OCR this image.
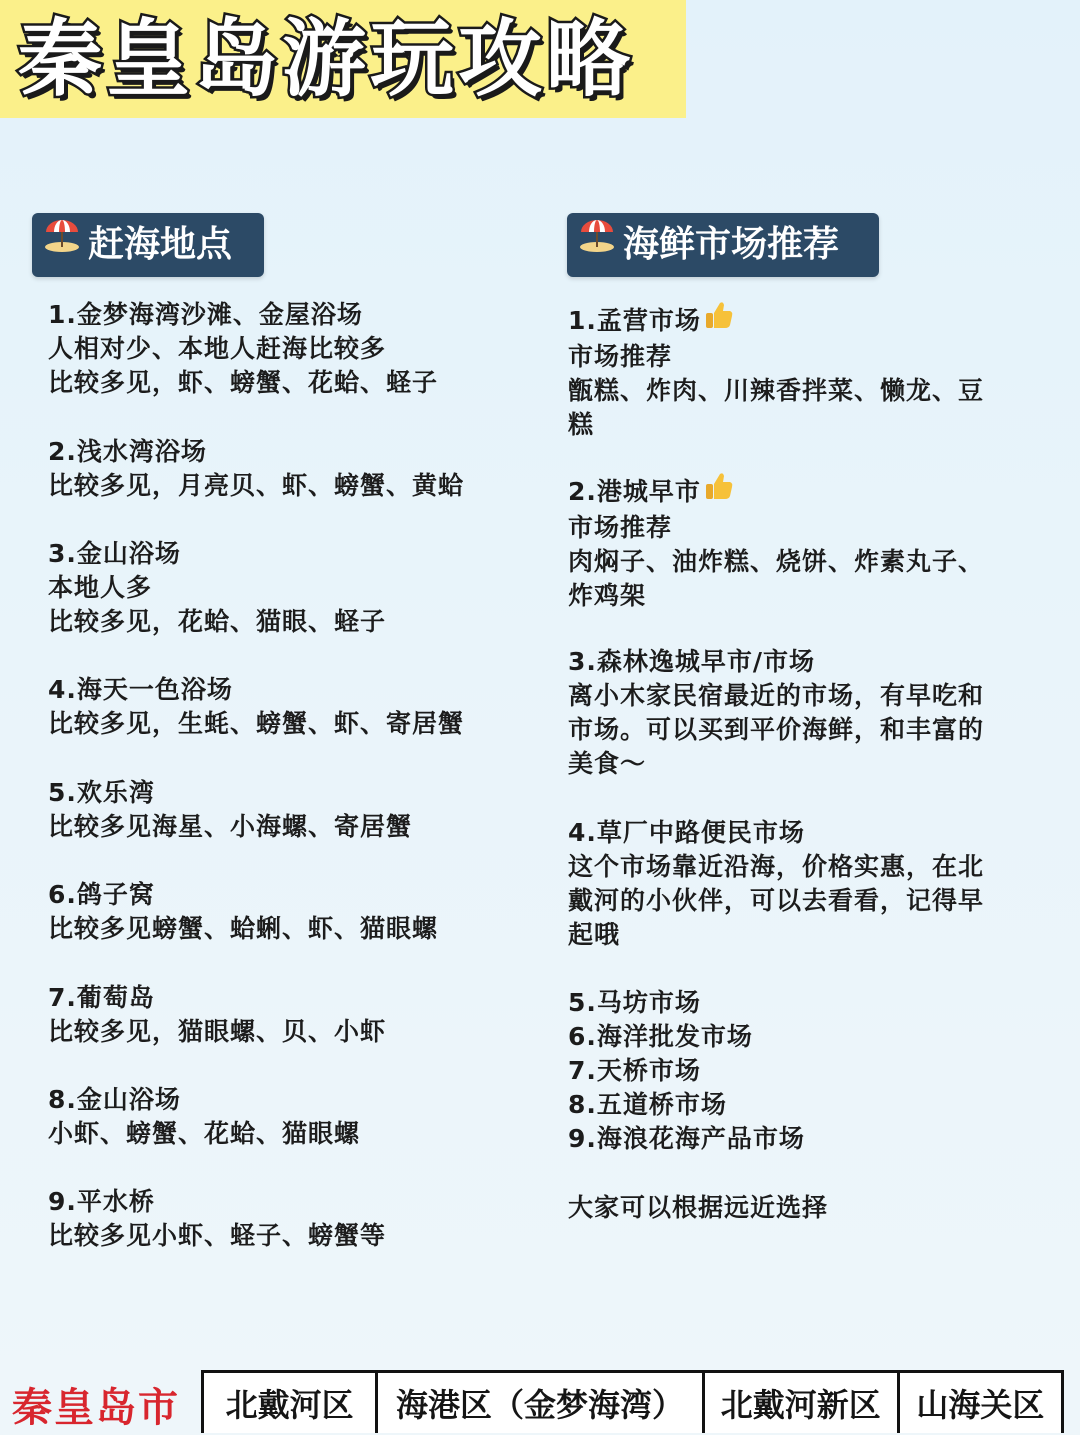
秦皇岛游玩攻略
赶海地点	海鲜市场推荐
1.金梦海湾沙滩、金屋浴场
人相对少、本地人赶海比较多
比较多见，虾、螃蟹、花蛤、蛏子
2.浅水湾浴场
比较多见，月亮贝、虾、螃蟹、黄蛤
3.金山浴场
本地人多
比较多见，花蛤、猫眼、蛏子
4.海天一色浴场
比较多见，生蚝、螃蟹、虾、寄居蟹
5.欢乐湾
比较多见海星、小海螺、寄居蟹
6.鸽子窝
比较多见螃蟹、蛤蜊、虾、猫眼螺
7.葡萄岛
比较多见，猫眼螺、贝、小虾
8.金山浴场
小虾、螃蟹、花蛤、猫眼螺
9.平水桥
比较多见小虾、蛏子、螃蟹等
1.孟营市场
市场推荐
甑糕、炸肉、川辣香拌菜、懒龙、豆
糕
2.港城早市
市场推荐
肉焖子、油炸糕、烧饼、炸素丸子、
炸鸡架
3.森林逸城早市/市场
离小木家民宿最近的市场，有早吃和
市场。可以买到平价海鲜，和丰富的
美食～
4.草厂中路便民市场
这个市场靠近沿海，价格实惠，在北
戴河的小伙伴，可以去看看，记得早
起哦
5.马坊市场
6.海洋批发市场
7.天桥市场
8.五道桥市场
9.海浪花海产品市场
大家可以根据远近选择
秦皇岛市	北戴河区	海港区（金梦海湾）	北戴河新区	山海关区
